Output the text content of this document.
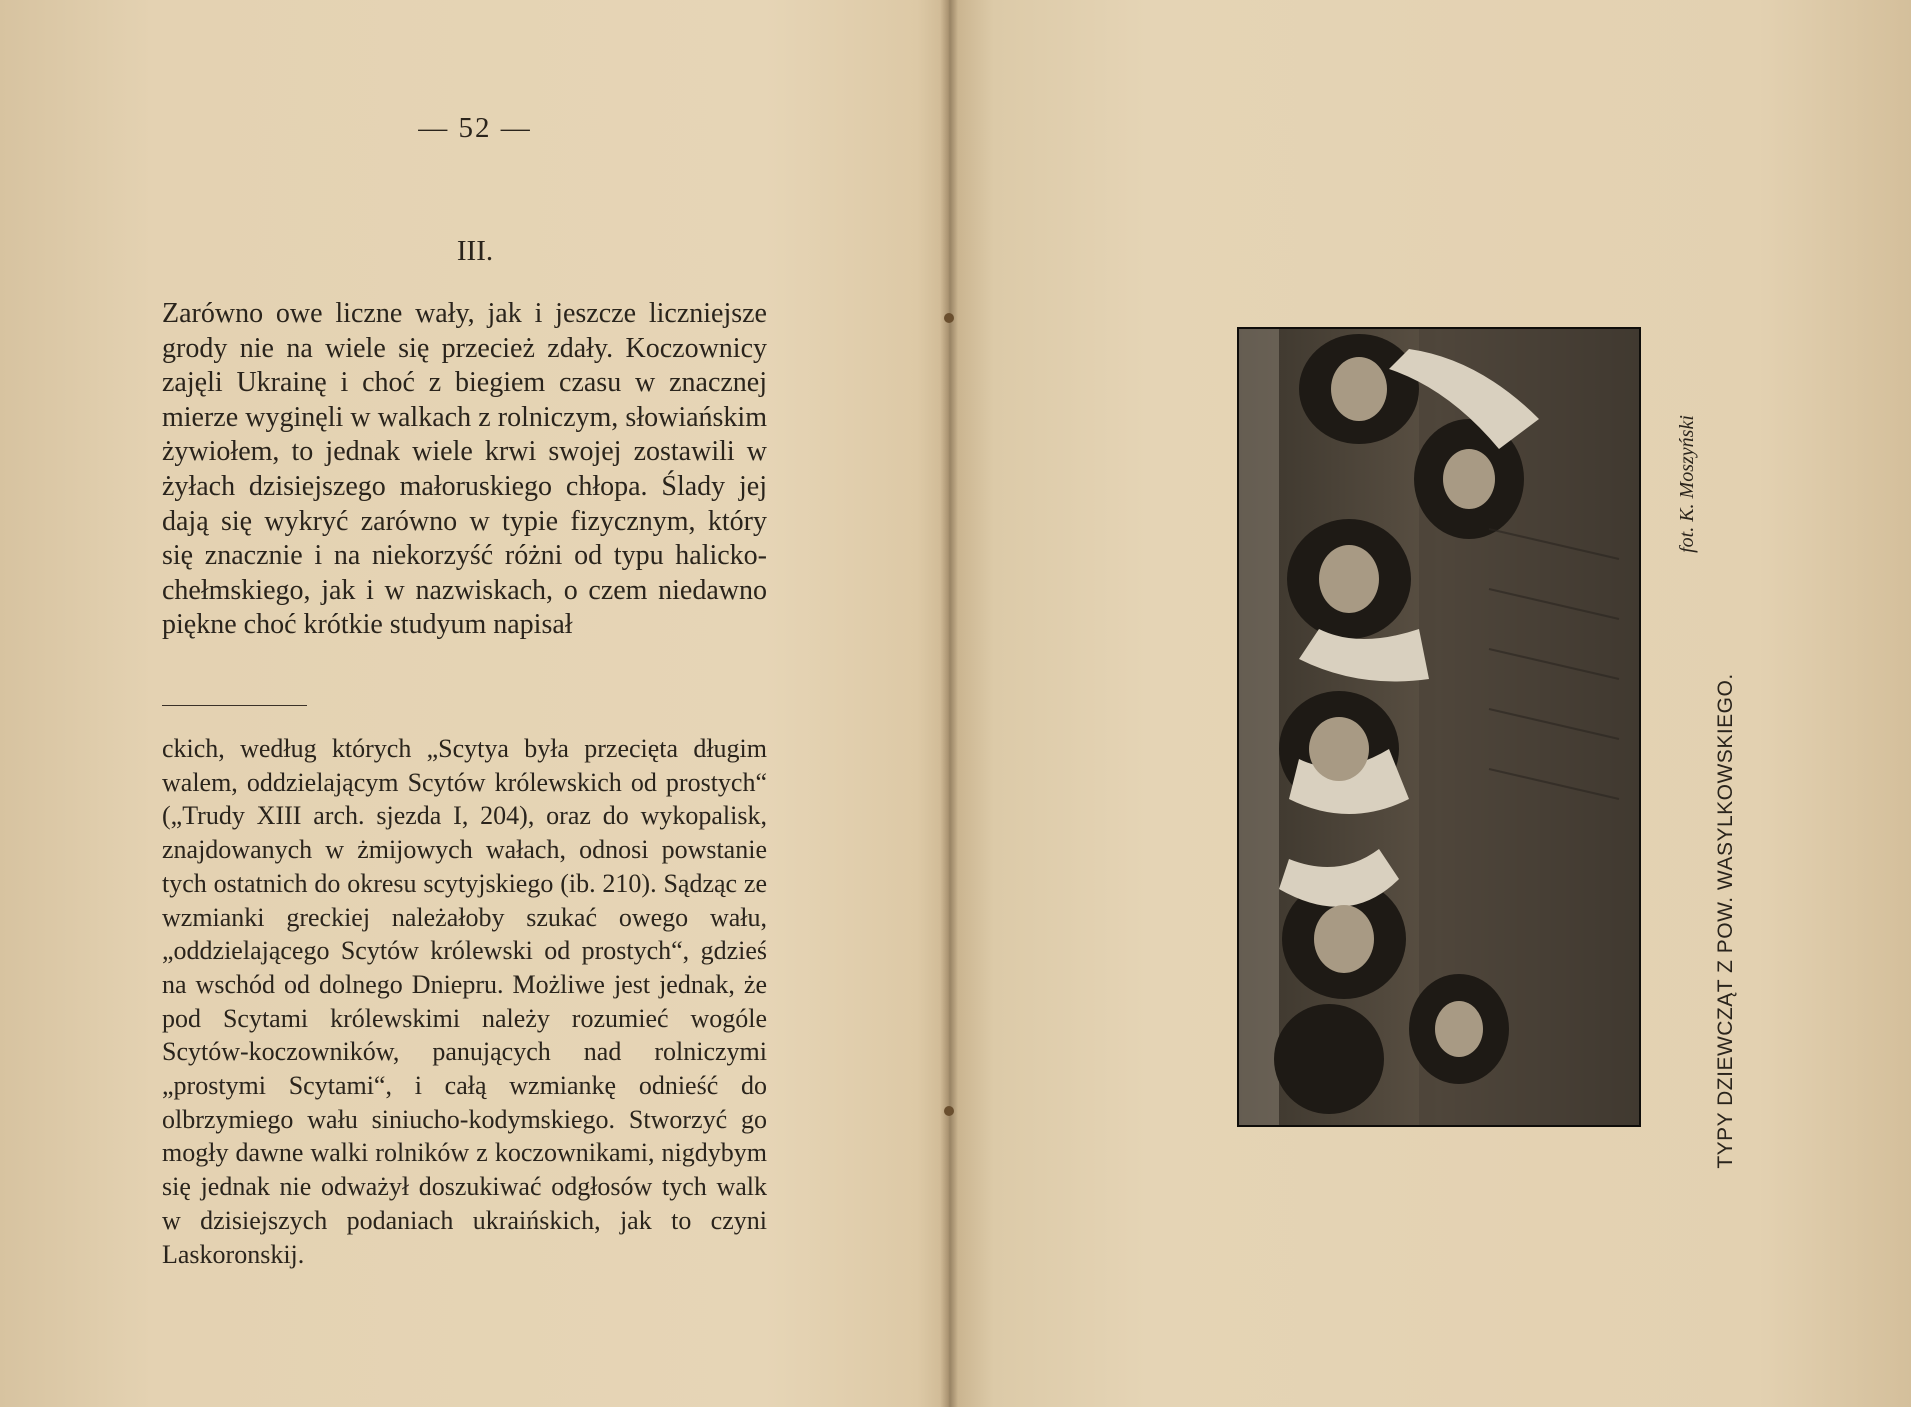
— 52 —
III.

Zarówno owe liczne wały, jak i jeszcze liczniejsze grody nie na wiele się przecież zdały. Koczownicy zajęli Ukrainę i choć z biegiem czasu w znacznej mierze wyginęli w walkach z rolniczym, słowiańskim żywiołem, to jednak wiele krwi swojej zostawili w żyłach dzisiejszego małoruskiego chłopa. Ślady jej dają się wykryć zarówno w typie fizycznym, który się znacznie i na niekorzyść różni od typu halicko-chełmskiego, jak i w nazwiskach, o czem niedawno piękne choć krótkie studyum napisał

ckich, według których „Scytya była przecięta długim walem, oddzielającym Scytów królewskich od prostych“ („Trudy XIII arch. sjezda I, 204), oraz do wykopalisk, znajdowanych w żmijowych wałach, odnosi powstanie tych ostatnich do okresu scytyjskiego (ib. 210). Sądząc ze wzmianki greckiej należałoby szukać owego wału, „oddzielającego Scytów królewski od prostych“, gdzieś na wschód od dolnego Dniepru. Możliwe jest jednak, że pod Scytami królewskimi należy rozumieć wogóle Scytów-koczowników, panujących nad rolniczymi „prostymi Scytami“, i całą wzmiankę odnieść do olbrzymiego wału siniucho-kodymskiego. Stworzyć go mogły dawne walki rolników z koczownikami, nigdybym się jednak nie odważył doszukiwać odgłosów tych walk w dzisiejszych podaniach ukraińskich, jak to czyni Laskoronskij.

fot. K. Moszyński
TYPY DZIEWCZĄT Z POW. WASYLKOWSKIEGO.
